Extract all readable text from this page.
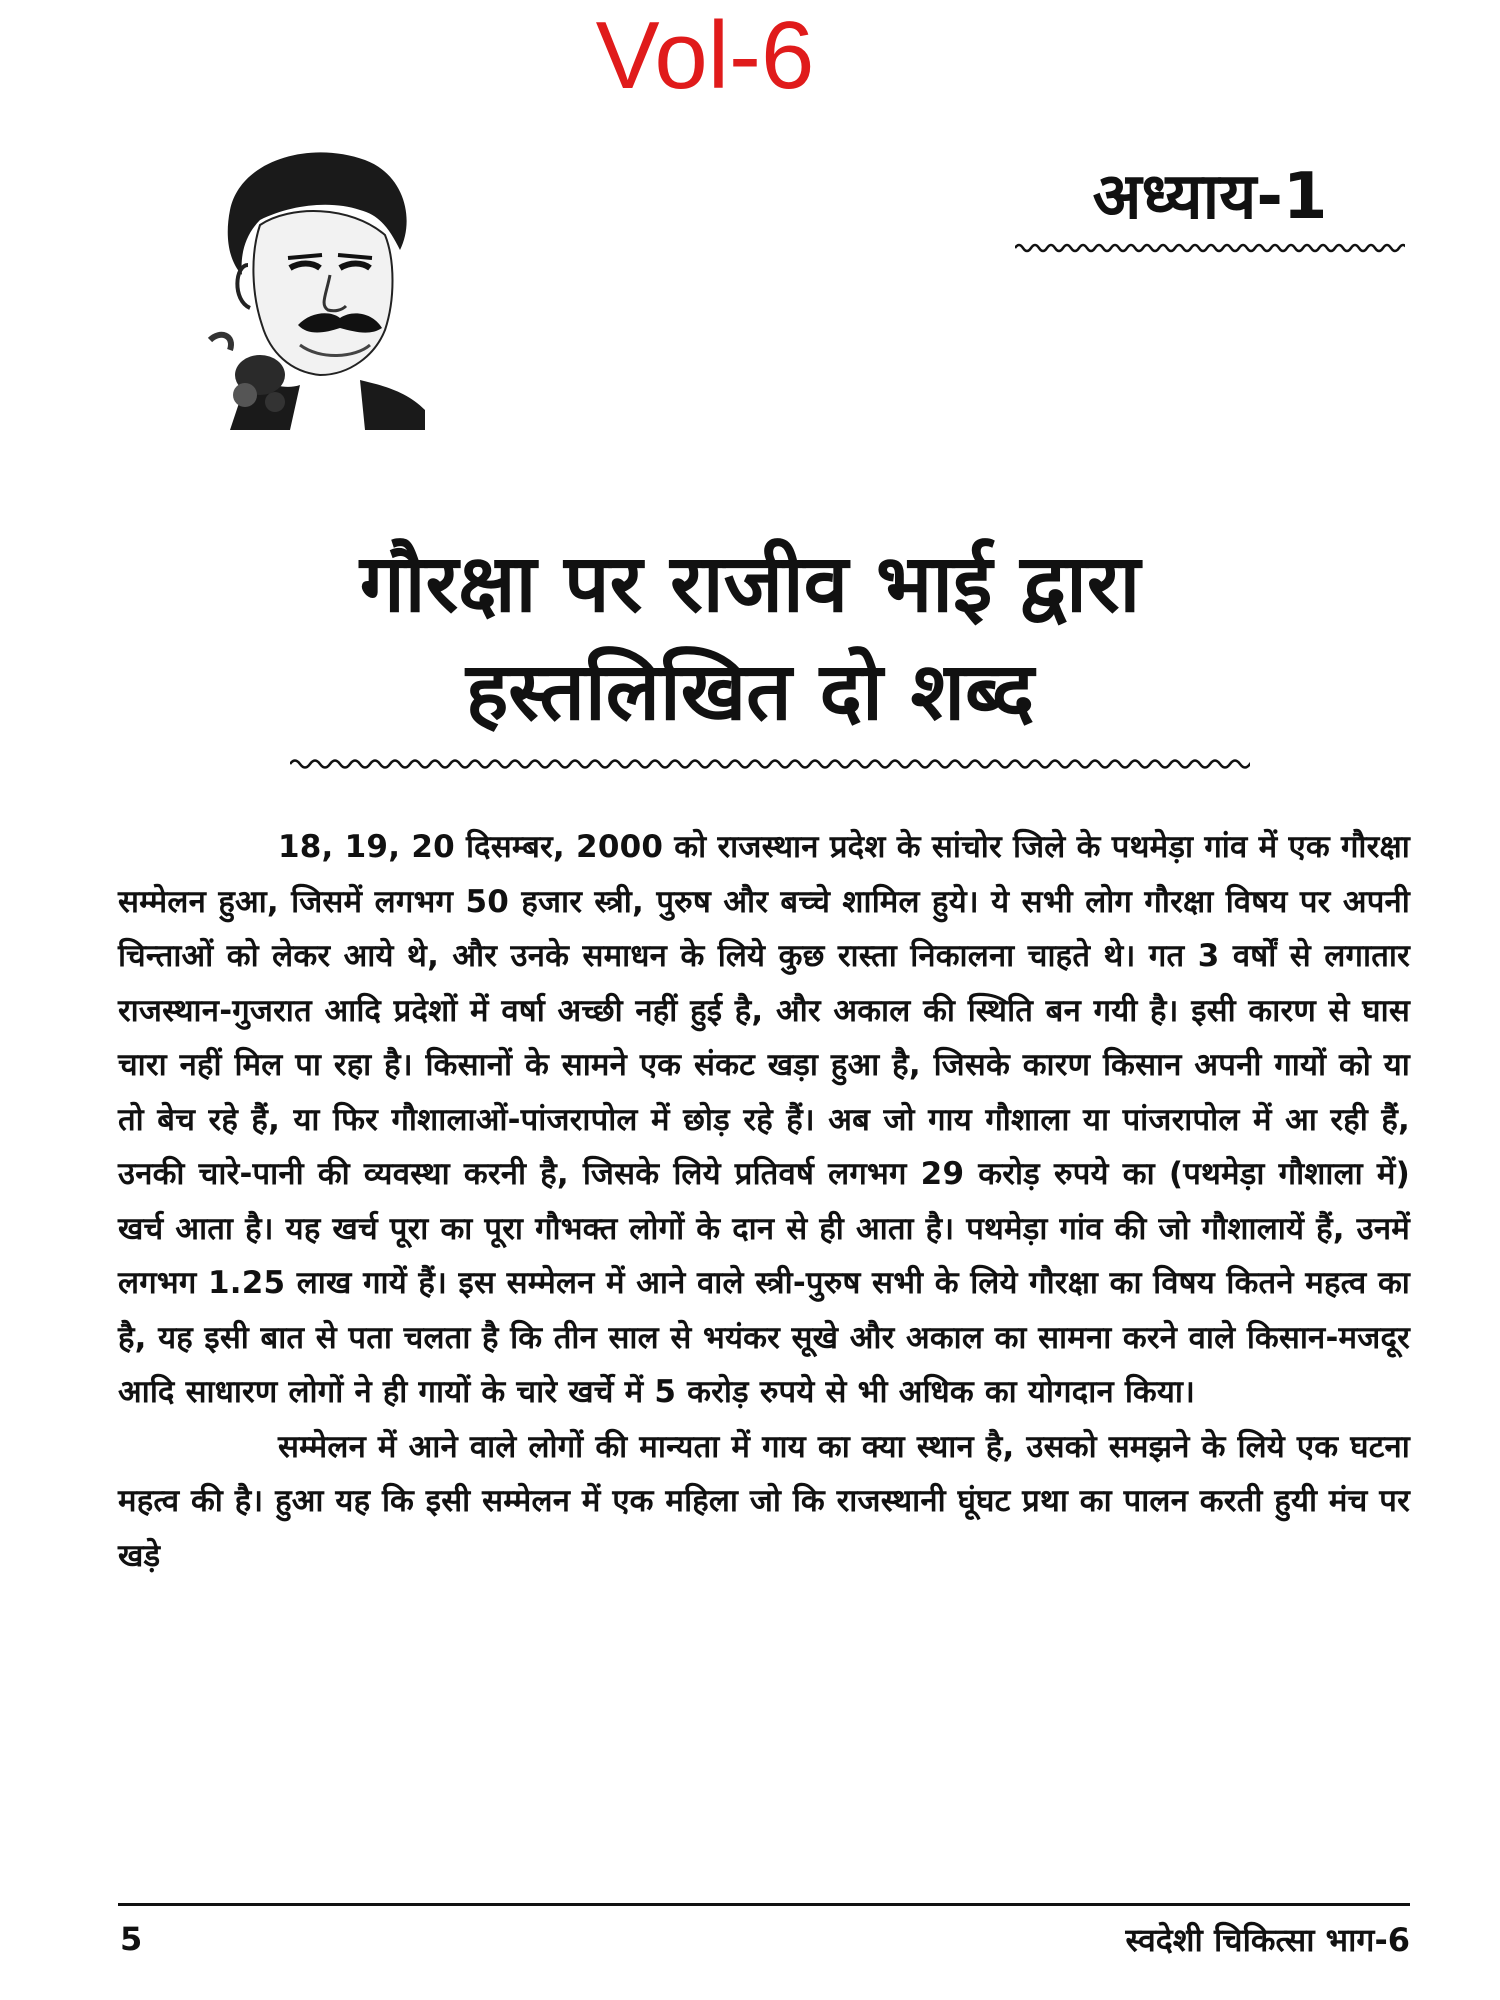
Vol-6
अध्याय-1
गौरक्षा पर राजीव भाई द्वारा
हस्तलिखित दो शब्द

18, 19, 20 दिसम्बर, 2000 को राजस्थान प्रदेश के सांचोर जिले के पथमेड़ा गांव में एक गौरक्षा सम्मेलन हुआ, जिसमें लगभग 50 हजार स्त्री, पुरुष और बच्चे शामिल हुये। ये सभी लोग गौरक्षा विषय पर अपनी चिन्ताओं को लेकर आये थे, और उनके समाधन के लिये कुछ रास्ता निकालना चाहते थे। गत 3 वर्षों से लगातार राजस्थान-गुजरात आदि प्रदेशों में वर्षा अच्छी नहीं हुई है, और अकाल की स्थिति बन गयी है। इसी कारण से घास चारा नहीं मिल पा रहा है। किसानों के सामने एक संकट खड़ा हुआ है, जिसके कारण किसान अपनी गायों को या तो बेच रहे हैं, या फिर गौशालाओं-पांजरापोल में छोड़ रहे हैं। अब जो गाय गौशाला या पांजरापोल में आ रही हैं, उनकी चारे-पानी की व्यवस्था करनी है, जिसके लिये प्रतिवर्ष लगभग 29 करोड़ रुपये का (पथमेड़ा गौशाला में) खर्च आता है। यह खर्च पूरा का पूरा गौभक्त लोगों के दान से ही आता है। पथमेड़ा गांव की जो गौशालायें हैं, उनमें लगभग 1.25 लाख गायें हैं। इस सम्मेलन में आने वाले स्त्री-पुरुष सभी के लिये गौरक्षा का विषय कितने महत्व का है, यह इसी बात से पता चलता है कि तीन साल से भयंकर सूखे और अकाल का सामना करने वाले किसान-मजदूर आदि साधारण लोगों ने ही गायों के चारे खर्चे में 5 करोड़ रुपये से भी अधिक का योगदान किया।

सम्मेलन में आने वाले लोगों की मान्यता में गाय का क्या स्थान है, उसको समझने के लिये एक घटना महत्व की है। हुआ यह कि इसी सम्मेलन में एक महिला जो कि राजस्थानी घूंघट प्रथा का पालन करती हुयी मंच पर खड़े

5	स्वदेशी चिकित्सा भाग-6
